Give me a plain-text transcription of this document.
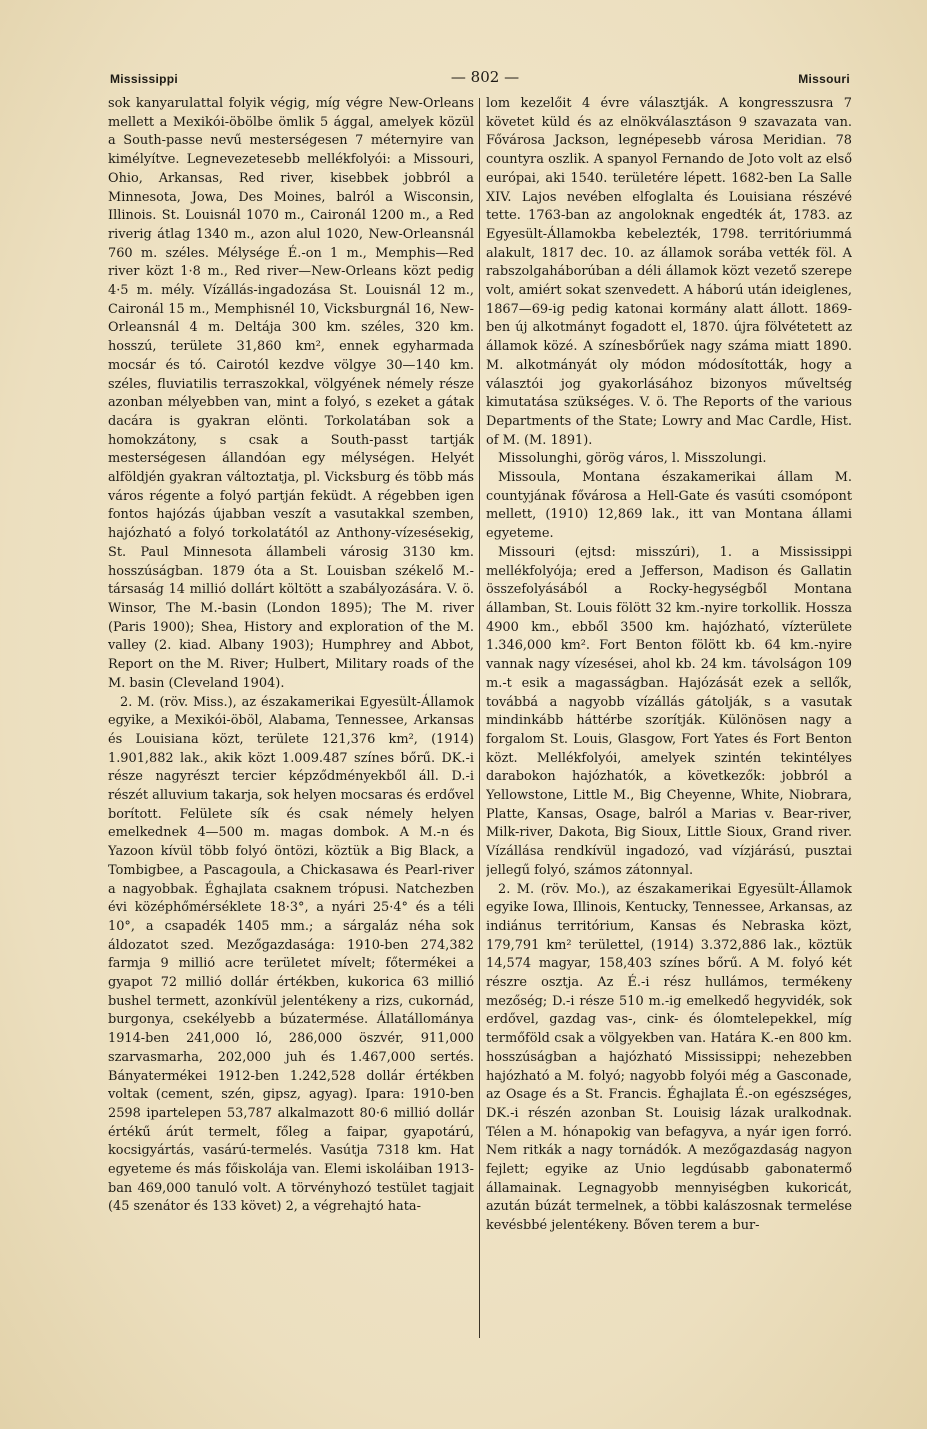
Mississippi	— 802 —	Missouri

sok kanyarulattal folyik végig, míg végre New-Orleans mellett a Mexikói-öbölbe ömlik 5 ággal, amelyek közül a South-passe nevű mesterségesen 7 méternyire van kimélyítve. Legnevezetesebb mellékfolyói: a Missouri, Ohio, Arkansas, Red river, kisebbek jobbról a Minnesota, Jowa, Des Moines, balról a Wisconsin, Illinois. St. Louisnál 1070 m., Caironál 1200 m., a Red riverig átlag 1340 m., azon alul 1020, New-Orleansnál 760 m. széles. Mélysége É.-on 1 m., Memphis—Red river közt 1·8 m., Red river—New-Orleans közt pedig 4·5 m. mély. Vízállás-ingadozása St. Louisnál 12 m., Caironál 15 m., Memphisnél 10, Vicksburgnál 16, New-Orleansnál 4 m. Deltája 300 km. széles, 320 km. hosszú, területe 31,860 km², ennek egyharmada mocsár és tó. Cairotól kezdve völgye 30—140 km. széles, fluviatilis terraszokkal, völgyének némely része azonban mélyebben van, mint a folyó, s ezeket a gátak dacára is gyakran elönti. Torkolatában sok a homokzátony, s csak a South-passt tartják mesterségesen állandóan egy mélységen. Helyét alföldjén gyakran változtatja, pl. Vicksburg és több más város régente a folyó partján feküdt. A régebben igen fontos hajózás újabban veszít a vasutakkal szemben, hajózható a folyó torkolatától az Anthony-vízesésekig, St. Paul Minnesota állambeli városig 3130 km. hosszúságban. 1879 óta a St. Louisban székelő M.-társaság 14 millió dollárt költött a szabályozására. V. ö. Winsor, The M.-basin (London 1895); The M. river (Paris 1900); Shea, History and exploration of the M. valley (2. kiad. Albany 1903); Humphrey and Abbot, Report on the M. River; Hulbert, Military roads of the M. basin (Cleveland 1904).

2. M. (röv. Miss.), az északamerikai Egyesült-Államok egyike, a Mexikói-öböl, Alabama, Tennessee, Arkansas és Louisiana közt, területe 121,376 km², (1914) 1.901,882 lak., akik közt 1.009.487 színes bőrű. DK.-i része nagyrészt tercier képződményekből áll. D.-i részét alluvium takarja, sok helyen mocsaras és erdővel borított. Felülete sík és csak némely helyen emelkednek 4—500 m. magas dombok. A M.-n és Yazoon kívül több folyó öntözi, köztük a Big Black, a Tombigbee, a Pascagoula, a Chickasawa és Pearl-river a nagyobbak. Éghajlata csaknem trópusi. Natchezben évi középhőmérséklete 18·3°, a nyári 25·4° és a téli 10°, a csapadék 1405 mm.; a sárgaláz néha sok áldozatot szed. Mezőgazdasága: 1910-ben 274,382 farmja 9 millió acre területet mívelt; főtermékei a gyapot 72 millió dollár értékben, kukorica 63 millió bushel termett, azonkívül jelentékeny a rizs, cukornád, burgonya, csekélyebb a búzatermése. Állatállománya 1914-ben 241,000 ló, 286,000 öszvér, 911,000 szarvasmarha, 202,000 juh és 1.467,000 sertés. Bányatermékei 1912-ben 1.242,528 dollár értékben voltak (cement, szén, gipsz, agyag). Ipara: 1910-ben 2598 ipartelepen 53,787 alkalmazott 80·6 millió dollár értékű árút termelt, főleg a faipar, gyapotárú, kocsigyártás, vasárú-termelés. Vasútja 7318 km. Hat egyeteme és más főiskolája van. Elemi iskoláiban 1913-ban 469,000 tanuló volt. A törvényhozó testület tagjait (45 szenátor és 133 követ) 2, a végrehajtó hata-

lom kezelőit 4 évre választják. A kongresszusra 7 követet küld és az elnökválasztáson 9 szavazata van. Fővárosa Jackson, legnépesebb városa Meridian. 78 countyra oszlik. A spanyol Fernando de Joto volt az első európai, aki 1540. területére lépett. 1682-ben La Salle XIV. Lajos nevében elfoglalta és Louisiana részévé tette. 1763-ban az angoloknak engedték át, 1783. az Egyesült-Államokba kebelezték, 1798. territóriummá alakult, 1817 dec. 10. az államok sorába vették föl. A rabszolgaháborúban a déli államok közt vezető szerepe volt, amiért sokat szenvedett. A háború után ideiglenes, 1867—69-ig pedig katonai kormány alatt állott. 1869-ben új alkotmányt fogadott el, 1870. újra fölvétetett az államok közé. A színesbőrűek nagy száma miatt 1890. M. alkotmányát oly módon módosították, hogy a választói jog gyakorlásához bizonyos műveltség kimutatása szükséges. V. ö. The Reports of the various Departments of the State; Lowry and Mac Cardle, Hist. of M. (M. 1891).

Missolunghi, görög város, l. Misszolungi.

Missoula, Montana északamerikai állam M. countyjának fővárosa a Hell-Gate és vasúti csomópont mellett, (1910) 12,869 lak., itt van Montana állami egyeteme.

Missouri (ejtsd: misszúri), 1. a Mississippi mellékfolyója; ered a Jefferson, Madison és Gallatin összefolyásából a Rocky-hegységből Montana államban, St. Louis fölött 32 km.-nyire torkollik. Hossza 4900 km., ebből 3500 km. hajózható, vízterülete 1.346,000 km². Fort Benton fölött kb. 64 km.-nyire vannak nagy vízesései, ahol kb. 24 km. távolságon 109 m.-t esik a magasságban. Hajózását ezek a sellők, továbbá a nagyobb vízállás gátolják, s a vasutak mindinkább háttérbe szorítják. Különösen nagy a forgalom St. Louis, Glasgow, Fort Yates és Fort Benton közt. Mellékfolyói, amelyek szintén tekintélyes darabokon hajózhatók, a következők: jobbról a Yellowstone, Little M., Big Cheyenne, White, Niobrara, Platte, Kansas, Osage, balról a Marias v. Bear-river, Milk-river, Dakota, Big Sioux, Little Sioux, Grand river. Vízállása rendkívül ingadozó, vad vízjárású, pusztai jellegű folyó, számos zátonnyal.

2. M. (röv. Mo.), az északamerikai Egyesült-Államok egyike Iowa, Illinois, Kentucky, Tennessee, Arkansas, az indiánus territórium, Kansas és Nebraska közt, 179,791 km² területtel, (1914) 3.372,886 lak., köztük 14,574 magyar, 158,403 színes bőrű. A M. folyó két részre osztja. Az É.-i rész hullámos, termékeny mezőség; D.-i része 510 m.-ig emelkedő hegyvidék, sok erdővel, gazdag vas-, cink- és ólomtelepekkel, míg termőföld csak a völgyekben van. Határa K.-en 800 km. hosszúságban a hajózható Mississippi; nehezebben hajózható a M. folyó; nagyobb folyói még a Gasconade, az Osage és a St. Francis. Éghajlata É.-on egészséges, DK.-i részén azonban St. Louisig lázak uralkodnak. Télen a M. hónapokig van befagyva, a nyár igen forró. Nem ritkák a nagy tornádók. A mezőgazdaság nagyon fejlett; egyike az Unio legdúsabb gabonatermő államainak. Legnagyobb mennyiségben kukoricát, azután búzát termelnek, a többi kalászosnak termelése kevésbbé jelentékeny. Bőven terem a bur-
